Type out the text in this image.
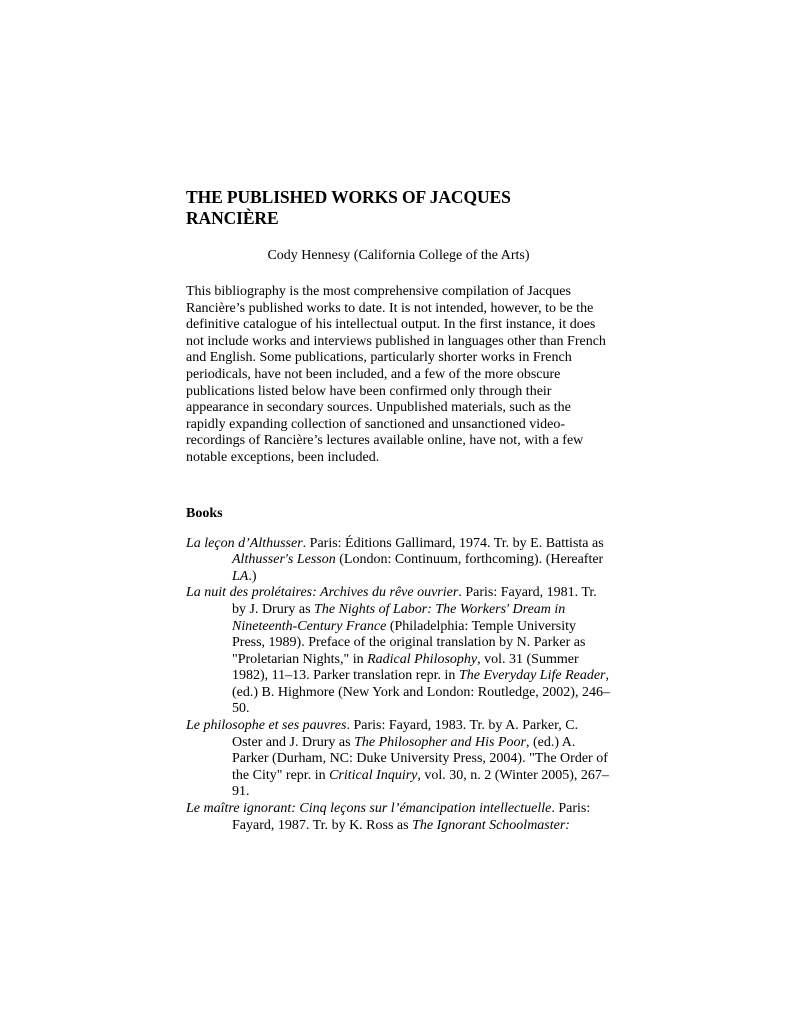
THE PUBLISHED WORKS OF JACQUES
RANCIÈRE

Cody Hennesy (California College of the Arts)

This bibliography is the most comprehensive compilation of Jacques Rancière’s published works to date. It is not intended, however, to be the definitive catalogue of his intellectual output. In the first instance, it does not include works and interviews published in languages other than French and English. Some publications, particularly shorter works in French periodicals, have not been included, and a few of the more obscure publications listed below have been confirmed only through their appearance in secondary sources. Unpublished materials, such as the rapidly expanding collection of sanctioned and unsanctioned video-recordings of Rancière’s lectures available online, have not, with a few notable exceptions, been included.

Books

La leçon d’Althusser. Paris: Éditions Gallimard, 1974. Tr. by E. Battista as Althusser's Lesson (London: Continuum, forthcoming). (Hereafter LA.)

La nuit des prolétaires: Archives du rêve ouvrier. Paris: Fayard, 1981. Tr. by J. Drury as The Nights of Labor: The Workers' Dream in Nineteenth-Century France (Philadelphia: Temple University Press, 1989). Preface of the original translation by N. Parker as "Proletarian Nights," in Radical Philosophy, vol. 31 (Summer 1982), 11–13. Parker translation repr. in The Everyday Life Reader, (ed.) B. Highmore (New York and London: Routledge, 2002), 246–50.

Le philosophe et ses pauvres. Paris: Fayard, 1983. Tr. by A. Parker, C. Oster and J. Drury as The Philosopher and His Poor, (ed.) A. Parker (Durham, NC: Duke University Press, 2004). "The Order of the City" repr. in Critical Inquiry, vol. 30, n. 2 (Winter 2005), 267–91.

Le maître ignorant: Cinq leçons sur l’émancipation intellectuelle. Paris: Fayard, 1987. Tr. by K. Ross as The Ignorant Schoolmaster:
